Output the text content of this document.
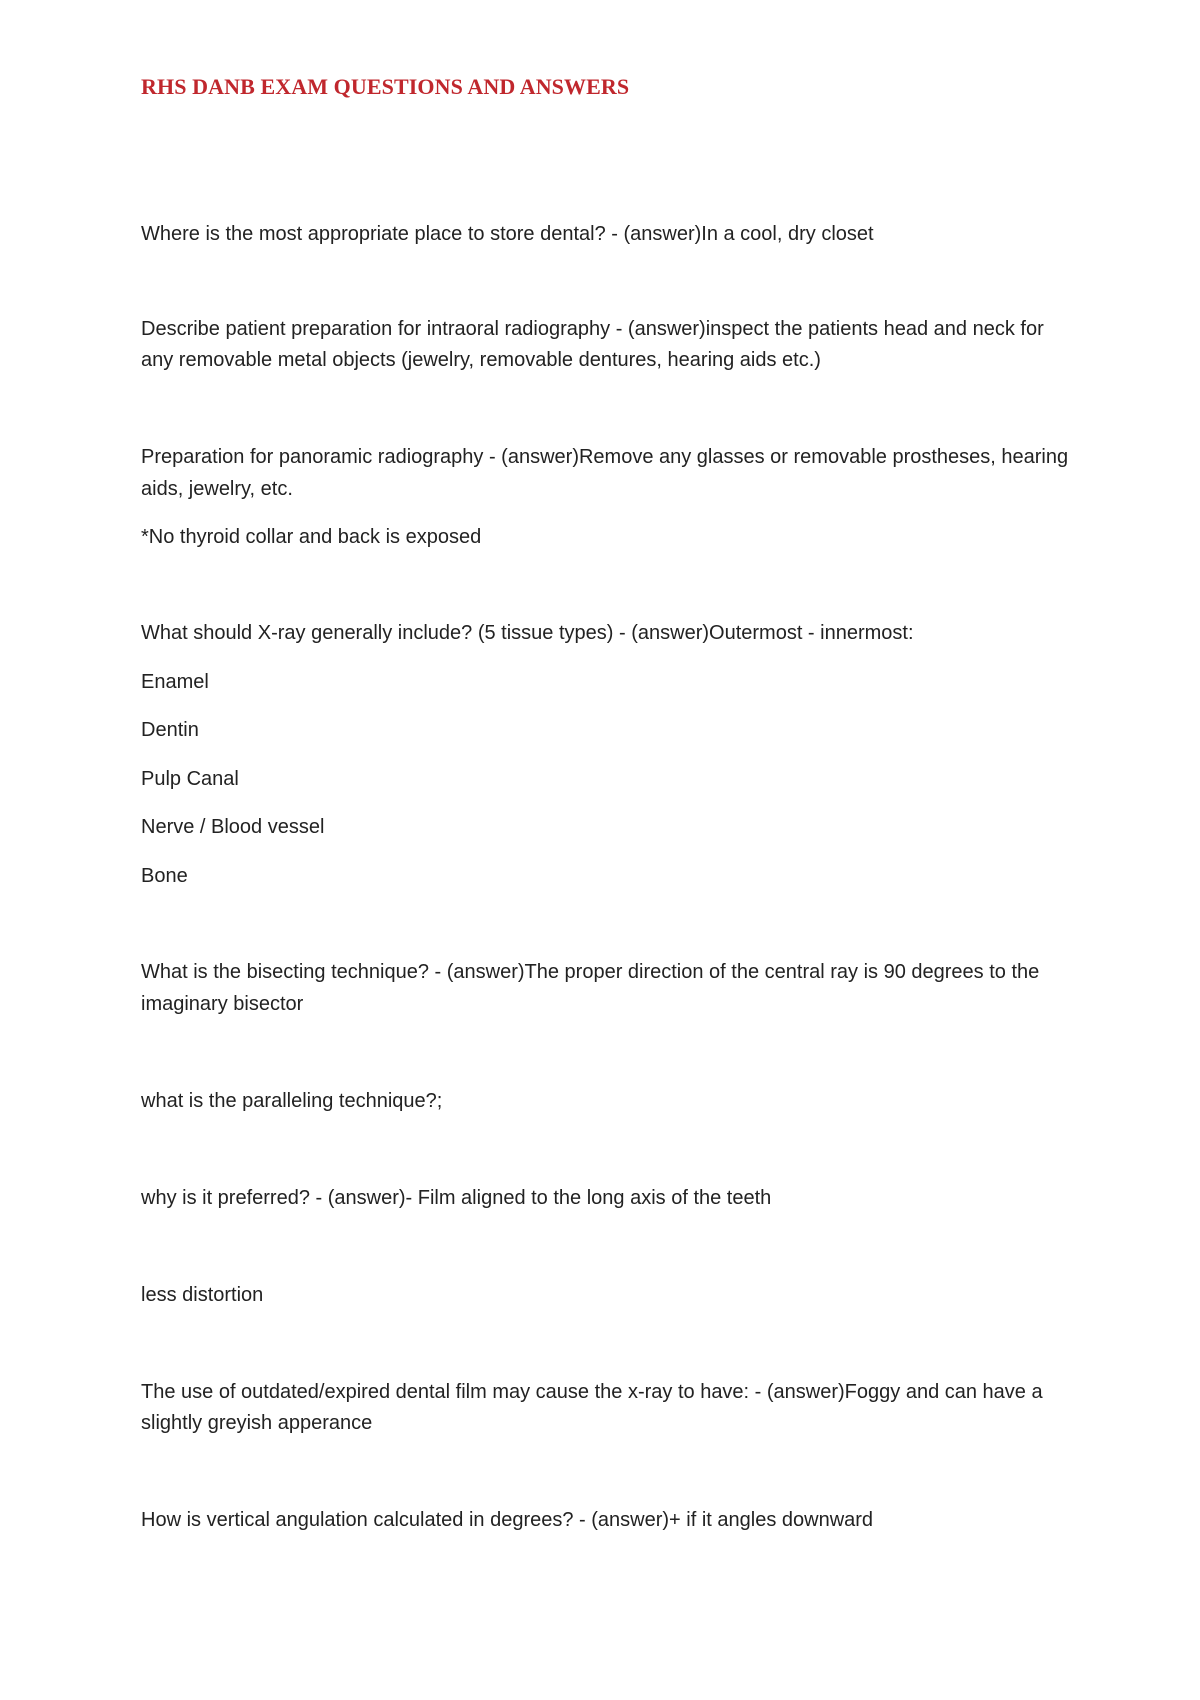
RHS DANB EXAM QUESTIONS AND ANSWERS

Where is the most appropriate place to store dental? - (answer)In a cool, dry closet

Describe patient preparation for intraoral radiography - (answer)inspect the patients head and neck for

any removable metal objects (jewelry, removable dentures, hearing aids etc.)

Preparation for panoramic radiography - (answer)Remove any glasses or removable prostheses, hearing

aids, jewelry, etc.

*No thyroid collar and back is exposed

What should X-ray generally include? (5 tissue types) - (answer)Outermost - innermost:

Enamel

Dentin

Pulp Canal

Nerve / Blood vessel

Bone

What is the bisecting technique? - (answer)The proper direction of the central ray is 90 degrees to the

imaginary bisector

what is the paralleling technique?;

why is it preferred? - (answer)- Film aligned to the long axis of the teeth

less distortion

The use of outdated/expired dental film may cause the x-ray to have: - (answer)Foggy and can have a

slightly greyish apperance

How is vertical angulation calculated in degrees? - (answer)+ if it angles downward
